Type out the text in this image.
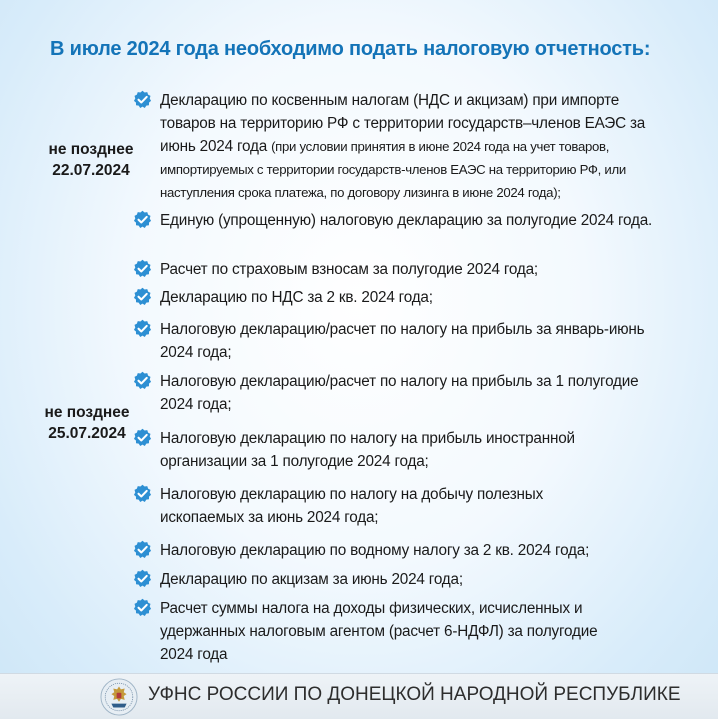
В июле 2024 года необходимо подать налоговую отчетность:
не позднее
22.07.2024
Декларацию по косвенным налогам (НДС и акцизам) при импорте
товаров на территорию РФ с территории государств–членов ЕАЭС за
июнь 2024 года (при условии принятия в июне 2024 года на учет товаров,
импортируемых с территории государств-членов ЕАЭС на территорию РФ, или
наступления срока платежа, по договору лизинга в июне 2024 года);
Единую (упрощенную) налоговую декларацию за полугодие 2024 года.
не позднее
25.07.2024
Расчет по страховым взносам за полугодие 2024 года;
Декларацию по НДС за 2 кв. 2024 года;
Налоговую декларацию/расчет по налогу на прибыль за январь-июнь
2024 года;
Налоговую декларацию/расчет по налогу на прибыль за 1 полугодие
2024 года;
Налоговую декларацию по налогу на прибыль иностранной
организации за 1 полугодие 2024 года;
Налоговую декларацию по налогу на добычу полезных
ископаемых за июнь 2024 года;
Налоговую декларацию по водному налогу за 2 кв. 2024 года;
Декларацию по акцизам за июнь 2024 года;
Расчет суммы налога на доходы физических, исчисленных и
удержанных налоговым агентом (расчет 6-НДФЛ) за полугодие
2024 года
УФНС РОССИИ ПО ДОНЕЦКОЙ НАРОДНОЙ РЕСПУБЛИКЕ
